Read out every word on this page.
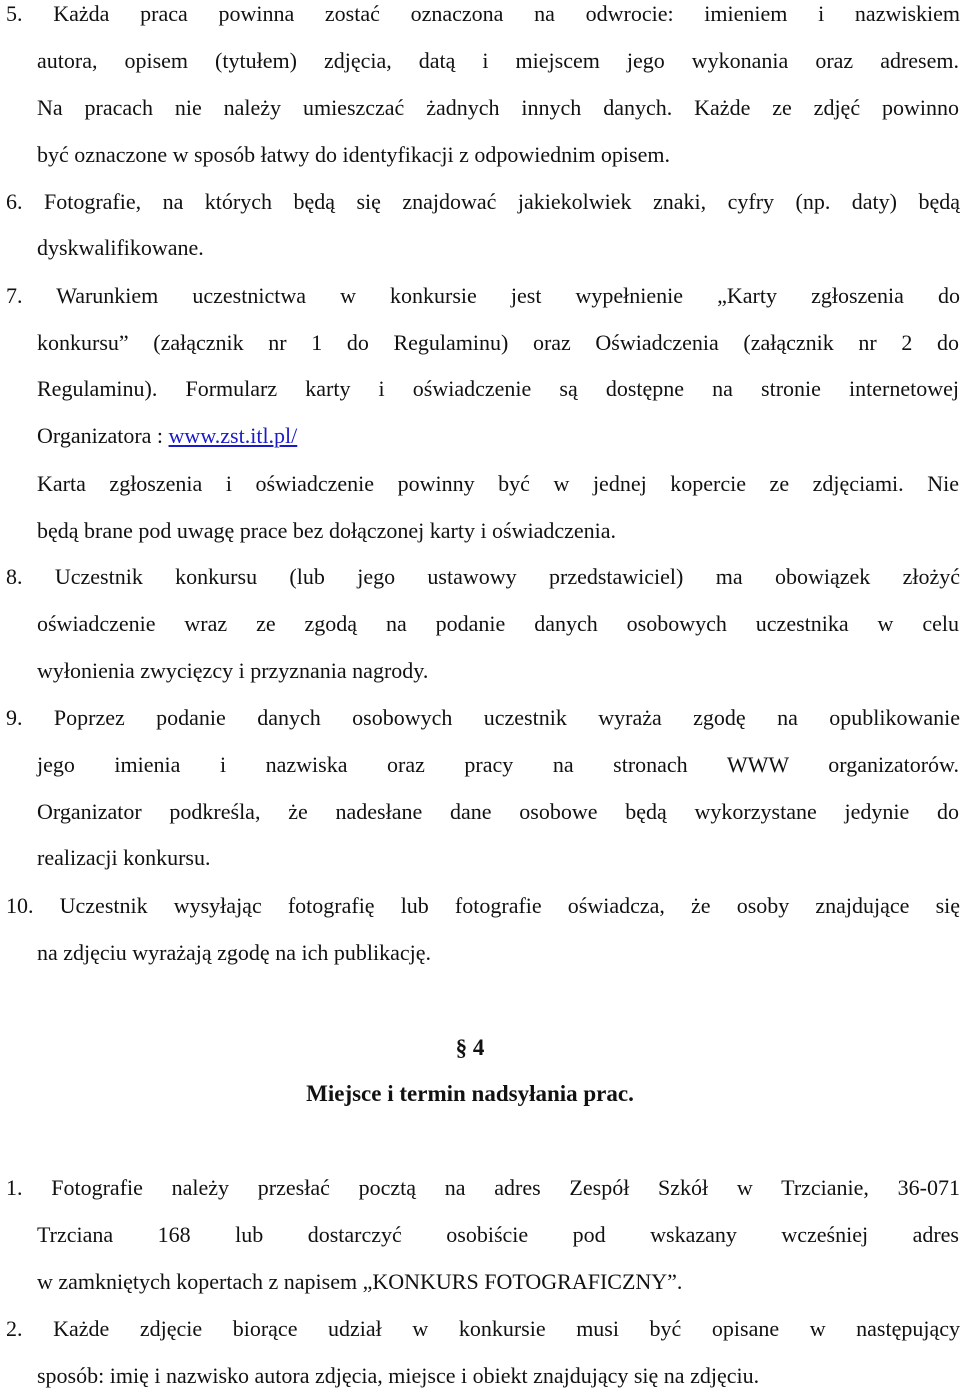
5. Każda praca powinna zostać oznaczona na odwrocie: imieniem i nazwiskiem
autora, opisem (tytułem) zdjęcia, datą i miejscem jego wykonania oraz adresem.
Na pracach nie należy umieszczać żadnych innych danych. Każde ze zdjęć powinno
być oznaczone w sposób łatwy do identyfikacji z odpowiednim opisem.
6. Fotografie, na których będą się znajdować jakiekolwiek znaki, cyfry (np. daty) będą
dyskwalifikowane.
7. Warunkiem uczestnictwa w konkursie jest wypełnienie „Karty zgłoszenia do
konkursu” (załącznik nr 1 do Regulaminu) oraz Oświadczenia (załącznik nr 2 do
Regulaminu). Formularz karty i oświadczenie są dostępne na stronie internetowej
Organizatora : www.zst.itl.pl/
Karta zgłoszenia i oświadczenie powinny być w jednej kopercie ze zdjęciami. Nie
będą brane pod uwagę prace bez dołączonej karty i oświadczenia.
8. Uczestnik konkursu (lub jego ustawowy przedstawiciel) ma obowiązek złożyć
oświadczenie wraz ze zgodą na podanie danych osobowych uczestnika w celu
wyłonienia zwycięzcy i przyznania nagrody.
9. Poprzez podanie danych osobowych uczestnik wyraża zgodę na opublikowanie
jego imienia i nazwiska oraz pracy na stronach WWW organizatorów.
Organizator podkreśla, że nadesłane dane osobowe będą wykorzystane jedynie do
realizacji konkursu.
10. Uczestnik wysyłając fotografię lub fotografie oświadcza, że osoby znajdujące się
na zdjęciu wyrażają zgodę na ich publikację.
§ 4
Miejsce i termin nadsyłania prac.
1. Fotografie należy przesłać pocztą na adres Zespół Szkół w Trzcianie, 36-071
Trzciana 168 lub dostarczyć osobiście pod wskazany wcześniej adres
w zamkniętych kopertach z napisem „KONKURS FOTOGRAFICZNY”.
2. Każde zdjęcie biorące udział w konkursie musi być opisane w następujący
sposób: imię i nazwisko autora zdjęcia, miejsce i obiekt znajdujący się na zdjęciu.
